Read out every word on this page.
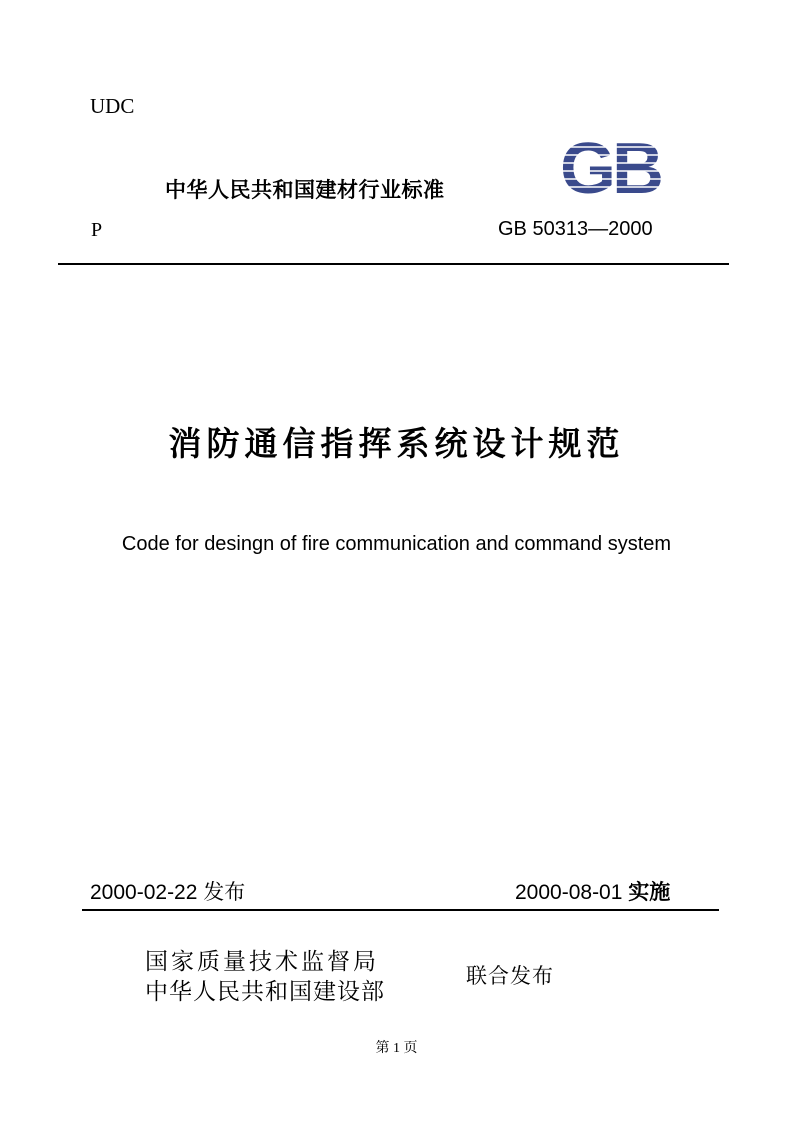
UDC
中华人民共和国建材行业标准 GB
P	GB 50313—2000
消防通信指挥系统设计规范
Code for desingn of fire communication and command system
2000-02-22 发布	2000-08-01 实施
国家质量技术监督局
中华人民共和国建设部
联合发布
第 1 页
